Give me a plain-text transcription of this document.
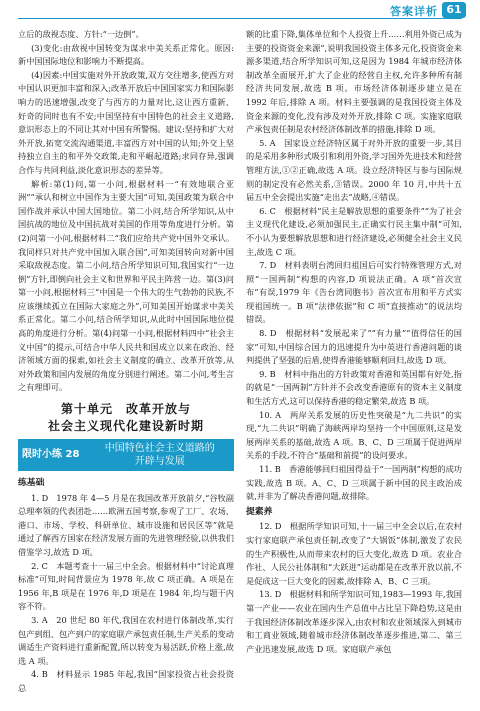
答案详析 61

立后的敌视态度、方针:“一边倒”。

(3)变化:由敌视中国转变为谋求中美关系正常化。原因:新中国国际地位和影响力不断提高。

(4)因素:中国实施对外开放政策,双方交往增多,使西方对中国认识更加丰富和深入;改革开放后中国国家实力和国际影响力的迅速增强,改变了与西方的力量对比,这让西方重新、好奇的同时也有不安;中国坚持有中国特色的社会主义道路,意识形态上的不同让其对中国有所警惕。建议:坚持和扩大对外开放,拓宽交流沟通渠道,丰富西方对中国的认知;外交上坚持独立自主的和平外交政策,走和平崛起道路;求同存异,强调合作与共同利益,淡化意识形态的差异等。

解析:第(1)问,第一小问,根据材料一“有效地联合亚洲”“承认和树立中国作为主要大国”可知,美国政策为联合中国作战并承认中国大国地位。第二小问,结合所学知识,从中国抗战的地位及中国抗战对美国的作用等角度进行分析。第(2)问第一小问,根据材料二“我们应给共产党中国外交承认。我同样只对共产党中国加入联合国”,可知美国转向对新中国采取敌视态度。第二小问,结合所学知识可知,我国实行“一边倒”方针,即倒向社会主义和世界和平民主阵营一边。第(3)问第一小问,根据材料三“中国是一个伟大的生气勃勃的民族,不应该继续孤立在国际大家庭之外”,可知美国开始谋求中美关系正常化。第二小问,结合所学知识,从此时中国国际地位提高的角度进行分析。第(4)问第一小问,根据材料四中“社会主义中国”的提示,可结合中华人民共和国成立以来在政治、经济领域方面的探索,如社会主义制度的确立、改革开放等,从对外政策和国内发展的角度分别进行阐述。第二小问,考生言之有理即可。

第十单元　改革开放与
社会主义现代化建设新时期
限时小练 28
中国特色社会主义道路的
开辟与发展
练基础

1. D　1978 年 4—5 月是在我国改革开放前夕,“谷牧副总理率领的代表团赴……欧洲五国考察,参观了工厂、农场、港口、市场、学校、科研单位、城市设施和居民区等”就是通过了解西方国家在经济发展方面的先进管理经验,以供我们借鉴学习,故选 D 项。

2. C　本题考查十一届三中全会。根据材料中“讨论真理标准”可知,时间背景应为 1978 年,故 C 项正确。A 项是在 1956 年,B 项是在 1976 年,D 项是在 1984 年,均与题干内容不符。

3. A　20 世纪 80 年代,我国在农村进行体制改革,实行包产到组、包产到户的家庭联产承包责任制,生产关系的变动调适生产资料进行重新配置,所以转变为易活跃,价格上涨,故选 A 项。

4. B　材料显示 1985 年起,我国“国家投资占社会投资总

额的比重下降,集体单位和个人投资上升……利用外资已成为主要的投资资金来源”,说明我国投资主体多元化,投资资金来源多渠道,结合所学知识可知,这是因为 1984 年城市经济体制改革全面展开,扩大了企业的经营自主权,允许多种所有制经济共同发展,故选 B 项。市场经济体制逐步建立是在 1992 年后,排除 A 项。材料主要强调的是我国投资主体及资金来源的变化,没有涉及对外开放,排除 C 项。实施家庭联产承包责任制是农村经济体制改革的措施,排除 D 项。

5. A　国家设立经济特区属于对外开放的重要一步,其目的是采用多种形式吸引和利用外资,学习国外先进技术和经营管理方法,①②正确,故选 A 项。设立经济特区与参与国际规则的制定没有必然关系,③错误。2000 年 10 月,中共十五届五中全会提出实施“走出去”战略,④错误。

6. C　根据材料“民主是解放思想的重要条件”“为了社会主义现代化建设,必须加强民主,正确实行民主集中制”可知,不小认为要想解放思想和进行经济建设,必须健全社会主义民主,故选 C 项。

7. D　材料表明台湾回归祖国后可实行特殊管理方式,对照“一国两制”构想的内容,D 项说法正确。A 项“首次宣布”有误,1979 年《告台湾同胞书》首次宣布用和平方式实现祖国统一。B 项“法律依据”和 C 项“直接推动”的说法均错误。

8. D　根据材料“发展起来了”“有力量”“值得信任的国家”可知,中国综合国力的迅速提升为中英进行香港问题的谈判提供了坚强的后盾,使得香港能够顺利回归,故选 D 项。

9. B　材料中指出的方针政策对香港和英国都有好处,指的就是“一国两制”方针并不会改变香港原有的资本主义制度和生活方式,这可以保持香港的稳定繁荣,故选 B 项。

10. A　两岸关系发展的历史性突破是“九二共识”的实现,“九二共识”明确了海峡两岸均坚持一个中国原则,这是发展两岸关系的基础,故选 A 项。B、C、D 三项属于促进两岸关系的手段,不符合“基础和前提”的设问要求。

11. B　香港能够回归祖国得益于“一国两制”构想的成功实践,故选 B 项。A、C、D 三项属于新中国的民主政治成就,并非为了解决香港问题,故排除。

提素养

12. D　根据所学知识可知,十一届三中全会以后,在农村实行家庭联产承包责任制,改变了“大锅饭”体制,激发了农民的生产积极性,从而带来农村的巨大变化,故选 D 项。农业合作社、人民公社体制和“大跃进”运动都是在改革开放以前,不是促成这一巨大变化的因素,故排除 A、B、C 三项。

13. D　根据材料和所学知识可知,1983—1993 年,我国第一产业——农业在国内生产总值中占比呈下降趋势,这是由于我国经济体制改革逐步深入,由农村和农业领域深入到城市和工商业领域,随着城市经济体制改革逐步推进,第二、第三产业迅速发展,故选 D 项。家庭联产承包
